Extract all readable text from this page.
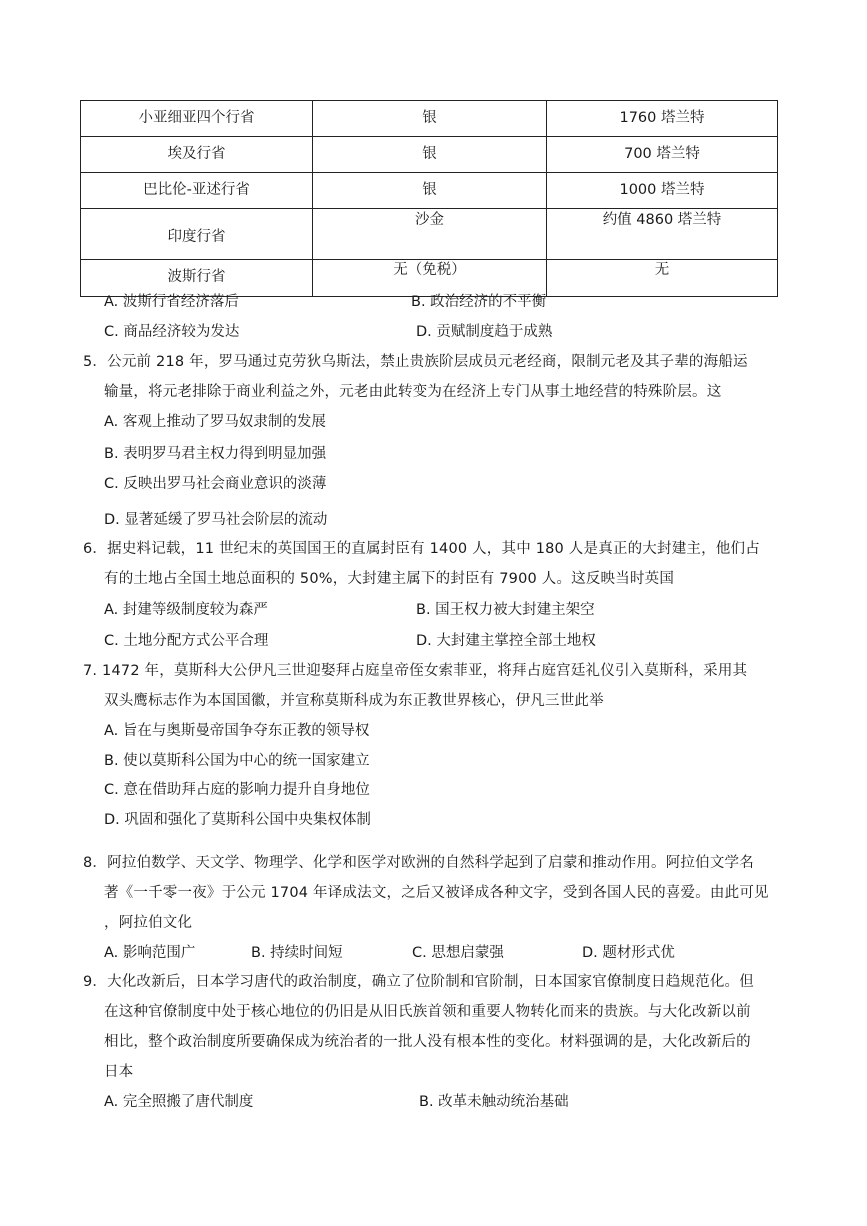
小亚细亚四个行省	银	1760 塔兰特
埃及行省	银	700 塔兰特
巴比伦-亚述行省	银	1000 塔兰特
印度行省	沙金	约值 4860 塔兰特
波斯行省	无（免税）	无
A. 波斯行省经济落后	B. 政治经济的不平衡
C. 商品经济较为发达	D. 贡赋制度趋于成熟
5．公元前 218 年，罗马通过克劳狄乌斯法，禁止贵族阶层成员元老经商，限制元老及其子辈的海船运
输量，将元老排除于商业利益之外，元老由此转变为在经济上专门从事土地经营的特殊阶层。这
A. 客观上推动了罗马奴隶制的发展
B. 表明罗马君主权力得到明显加强
C. 反映出罗马社会商业意识的淡薄
D. 显著延缓了罗马社会阶层的流动
6．据史料记载，11 世纪末的英国国王的直属封臣有 1400 人，其中 180 人是真正的大封建主，他们占
有的土地占全国土地总面积的 50%，大封建主属下的封臣有 7900 人。这反映当时英国
A. 封建等级制度较为森严	B. 国王权力被大封建主架空
C. 土地分配方式公平合理	D. 大封建主掌控全部土地权
7. 1472 年，莫斯科大公伊凡三世迎娶拜占庭皇帝侄女索菲亚，将拜占庭宫廷礼仪引入莫斯科，采用其
双头鹰标志作为本国国徽，并宣称莫斯科成为东正教世界核心，伊凡三世此举
A. 旨在与奥斯曼帝国争夺东正教的领导权
B. 使以莫斯科公国为中心的统一国家建立
C. 意在借助拜占庭的影响力提升自身地位
D. 巩固和强化了莫斯科公国中央集权体制
8．阿拉伯数学、天文学、物理学、化学和医学对欧洲的自然科学起到了启蒙和推动作用。阿拉伯文学名
著《一千零一夜》于公元 1704 年译成法文，之后又被译成各种文字，受到各国人民的喜爱。由此可见
，阿拉伯文化
A. 影响范围广	B. 持续时间短	C. 思想启蒙强	D. 题材形式优
9．大化改新后，日本学习唐代的政治制度，确立了位阶制和官阶制，日本国家官僚制度日趋规范化。但
在这种官僚制度中处于核心地位的仍旧是从旧氏族首领和重要人物转化而来的贵族。与大化改新以前
相比，整个政治制度所要确保成为统治者的一批人没有根本性的变化。材料强调的是，大化改新后的
日本
A. 完全照搬了唐代制度	B. 改革未触动统治基础
